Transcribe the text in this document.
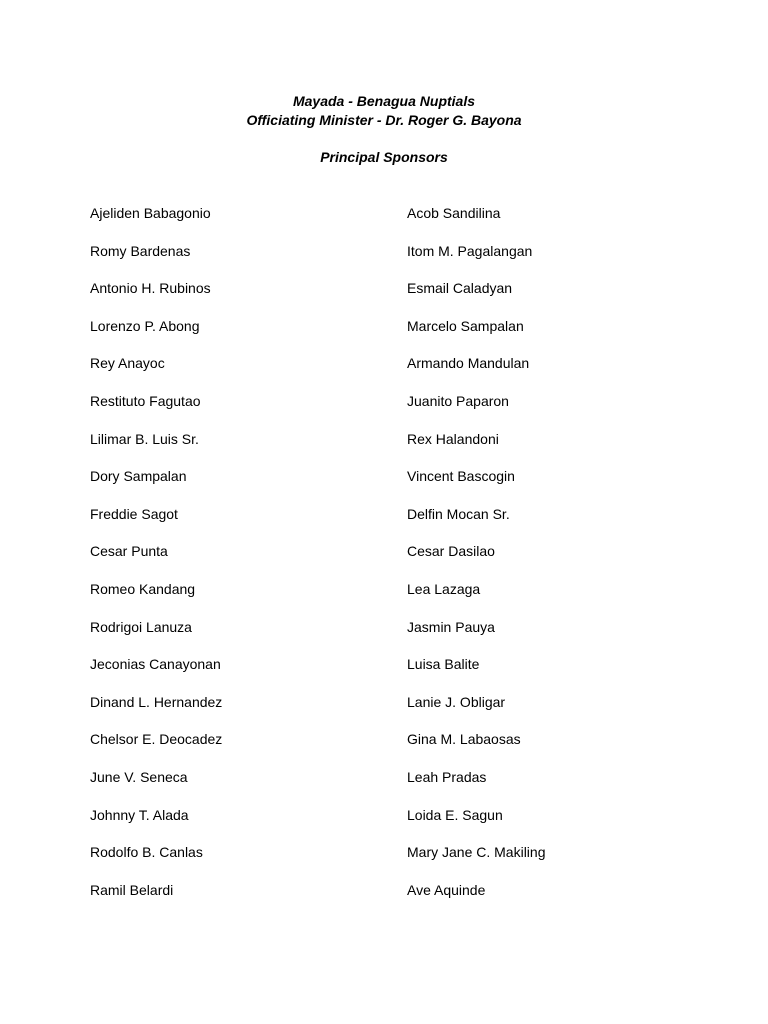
Mayada - Benagua Nuptials
Officiating Minister - Dr. Roger G. Bayona
Principal Sponsors
Ajeliden Babagonio
Romy Bardenas
Antonio H. Rubinos
Lorenzo P. Abong
Rey Anayoc
Restituto Fagutao
Lilimar B. Luis Sr.
Dory Sampalan
Freddie Sagot
Cesar Punta
Romeo Kandang
Rodrigoi Lanuza
Jeconias Canayonan
Dinand L. Hernandez
Chelsor E. Deocadez
June V. Seneca
Johnny T. Alada
Rodolfo B. Canlas
Ramil Belardi
Acob Sandilina
Itom M. Pagalangan
Esmail Caladyan
Marcelo Sampalan
Armando Mandulan
Juanito Paparon
Rex Halandoni
Vincent Bascogin
Delfin Mocan Sr.
Cesar Dasilao
Lea Lazaga
Jasmin Pauya
Luisa Balite
Lanie J. Obligar
Gina M. Labaosas
Leah Pradas
Loida E. Sagun
Mary Jane C. Makiling
Ave Aquinde
